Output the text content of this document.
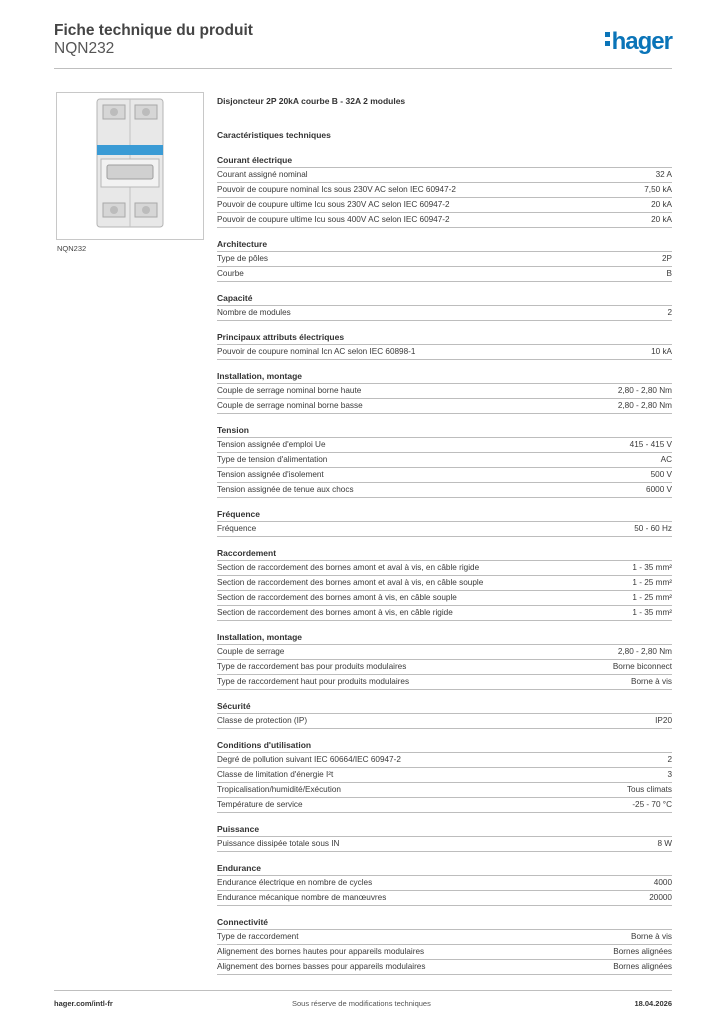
Fiche technique du produit
NQN232	hager
NQN232
Disjoncteur 2P 20kA courbe B - 32A 2 modules
Caractéristiques techniques
Courant électrique
Courant assigné nominal	32 A
Pouvoir de coupure nominal Ics sous 230V AC selon IEC 60947-2	7,50 kA
Pouvoir de coupure ultime Icu sous 230V AC selon IEC 60947-2	20 kA
Pouvoir de coupure ultime Icu sous 400V AC selon IEC 60947-2	20 kA
Architecture
Type de pôles	2P
Courbe	B
Capacité
Nombre de modules	2
Principaux attributs électriques
Pouvoir de coupure nominal Icn AC selon IEC 60898-1	10 kA
Installation, montage
Couple de serrage nominal borne haute	2,80 - 2,80 Nm
Couple de serrage nominal borne basse	2,80 - 2,80 Nm
Tension
Tension assignée d'emploi Ue	415 - 415 V
Type de tension d'alimentation	AC
Tension assignée d'isolement	500 V
Tension assignée de tenue aux chocs	6000 V
Fréquence
Fréquence	50 - 60 Hz
Raccordement
Section de raccordement des bornes amont et aval à vis, en câble rigide	1 - 35 mm²
Section de raccordement des bornes amont et aval à vis, en câble souple	1 - 25 mm²
Section de raccordement des bornes amont à vis, en câble souple	1 - 25 mm²
Section de raccordement des bornes amont à vis, en câble rigide	1 - 35 mm²
Installation, montage
Couple de serrage	2,80 - 2,80 Nm
Type de raccordement bas pour produits modulaires	Borne biconnect
Type de raccordement haut pour produits modulaires	Borne à vis
Sécurité
Classe de protection (IP)	IP20
Conditions d'utilisation
Degré de pollution suivant IEC 60664/IEC 60947-2	2
Classe de limitation d'énergie I²t	3
Tropicalisation/humidité/Exécution	Tous climats
Température de service	-25 - 70 °C
Puissance
Puissance dissipée totale sous IN	8 W
Endurance
Endurance électrique en nombre de cycles	4000
Endurance mécanique nombre de manœuvres	20000
Connectivité
Type de raccordement	Borne à vis
Alignement des bornes hautes pour appareils modulaires	Bornes alignées
Alignement des bornes basses pour appareils modulaires	Bornes alignées
hager.com/intl-fr	Sous réserve de modifications techniques	18.04.2026
